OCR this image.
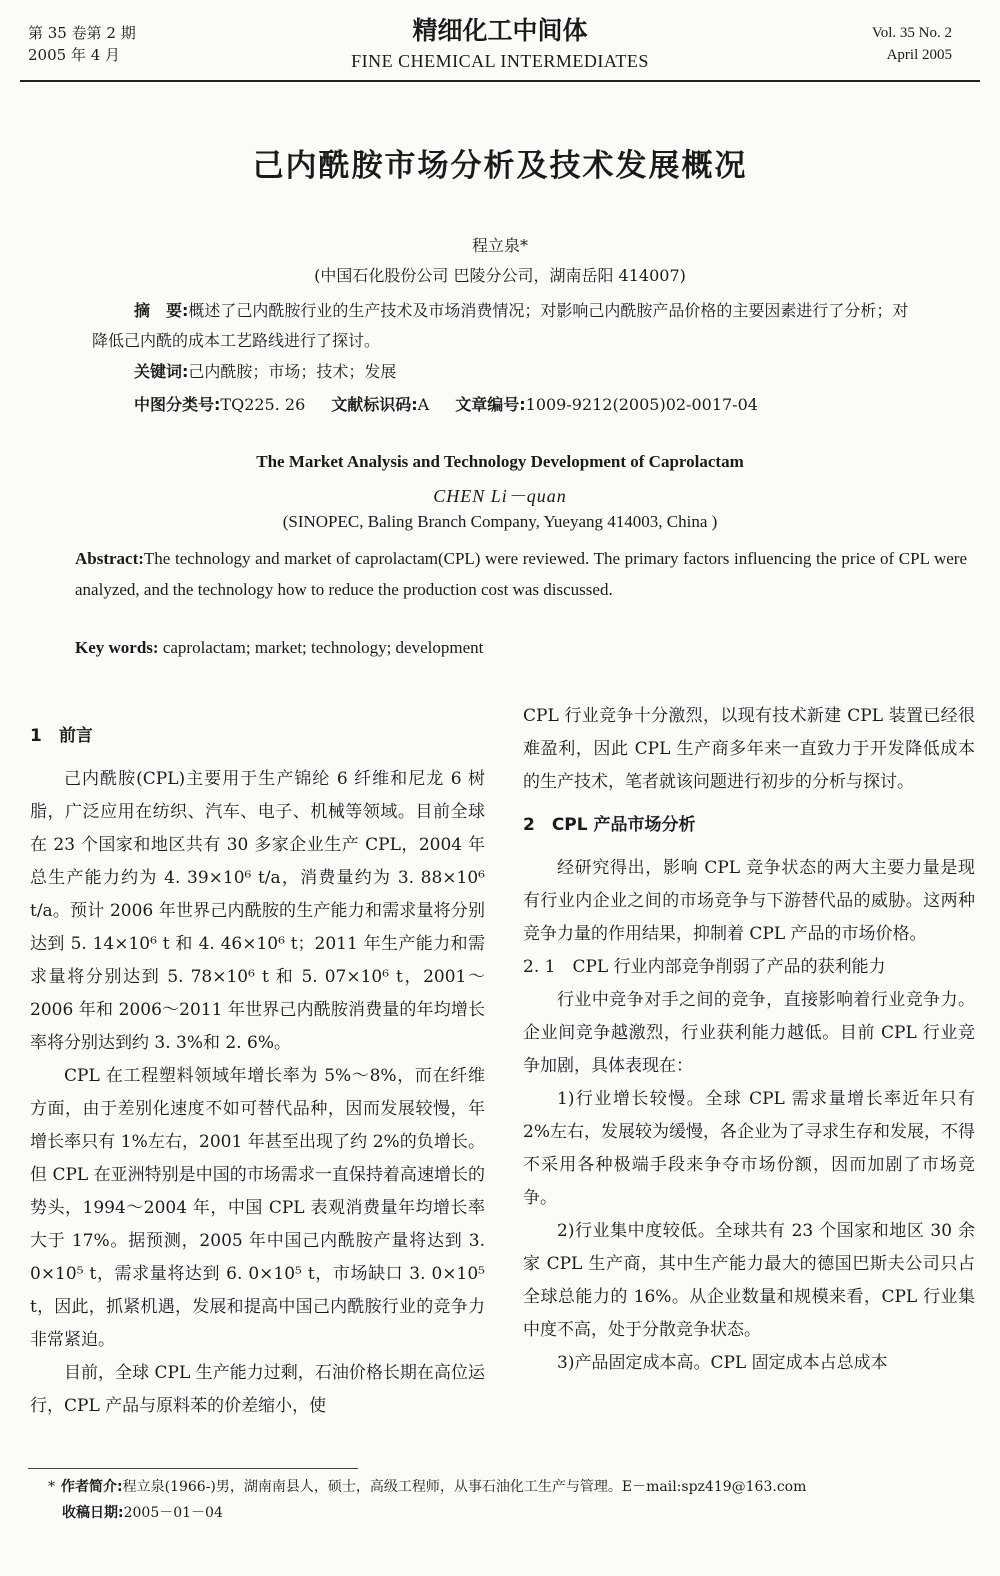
第 35 卷第 2 期
2005 年 4 月
精细化工中间体
FINE CHEMICAL INTERMEDIATES
Vol. 35 No. 2
April 2005
己内酰胺市场分析及技术发展概况
程立泉*
(中国石化股份公司 巴陵分公司，湖南岳阳 414007)
摘　要:概述了己内酰胺行业的生产技术及市场消费情况；对影响己内酰胺产品价格的主要因素进行了分析；对降低己内酰的成本工艺路线进行了探讨。
关键词:己内酰胺；市场；技术；发展
中图分类号:TQ225. 26 文献标识码:A 文章编号:1009-9212(2005)02-0017-04
The Market Analysis and Technology Development of Caprolactam
CHEN Li－quan
(SINOPEC, Baling Branch Company, Yueyang 414003, China )
Abstract:The technology and market of caprolactam(CPL) were reviewed. The primary factors influencing the price of CPL were analyzed, and the technology how to reduce the production cost was discussed.
Key words: caprolactam; market; technology; development

1　前言

己内酰胺(CPL)主要用于生产锦纶 6 纤维和尼龙 6 树脂，广泛应用在纺织、汽车、电子、机械等领域。目前全球在 23 个国家和地区共有 30 多家企业生产 CPL，2004 年总生产能力约为 4. 39×10⁶ t/a，消费量约为 3. 88×10⁶ t/a。预计 2006 年世界己内酰胺的生产能力和需求量将分别达到 5. 14×10⁶ t 和 4. 46×10⁶ t；2011 年生产能力和需求量将分别达到 5. 78×10⁶ t 和 5. 07×10⁶ t，2001～2006 年和 2006～2011 年世界己内酰胺消费量的年均增长率将分别达到约 3. 3%和 2. 6%。

CPL 在工程塑料领域年增长率为 5%～8%，而在纤维方面，由于差别化速度不如可替代品种，因而发展较慢，年增长率只有 1%左右，2001 年甚至出现了约 2%的负增长。但 CPL 在亚洲特别是中国的市场需求一直保持着高速增长的势头，1994～2004 年，中国 CPL 表观消费量年均增长率大于 17%。据预测，2005 年中国己内酰胺产量将达到 3. 0×10⁵ t，需求量将达到 6. 0×10⁵ t，市场缺口 3. 0×10⁵ t，因此，抓紧机遇，发展和提高中国己内酰胺行业的竞争力非常紧迫。

目前，全球 CPL 生产能力过剩，石油价格长期在高位运行，CPL 产品与原料苯的价差缩小，使

CPL 行业竞争十分激烈，以现有技术新建 CPL 装置已经很难盈利，因此 CPL 生产商多年来一直致力于开发降低成本的生产技术，笔者就该问题进行初步的分析与探讨。

2　CPL 产品市场分析

经研究得出，影响 CPL 竞争状态的两大主要力量是现有行业内企业之间的市场竞争与下游替代品的威胁。这两种竞争力量的作用结果，抑制着 CPL 产品的市场价格。

2. 1　CPL 行业内部竞争削弱了产品的获利能力

行业中竞争对手之间的竞争，直接影响着行业竞争力。企业间竞争越激烈，行业获利能力越低。目前 CPL 行业竞争加剧，具体表现在：

1)行业增长较慢。全球 CPL 需求量增长率近年只有 2%左右，发展较为缓慢，各企业为了寻求生存和发展，不得不采用各种极端手段来争夺市场份额，因而加剧了市场竞争。

2)行业集中度较低。全球共有 23 个国家和地区 30 余家 CPL 生产商，其中生产能力最大的德国巴斯夫公司只占全球总能力的 16%。从企业数量和规模来看，CPL 行业集中度不高，处于分散竞争状态。

3)产品固定成本高。CPL 固定成本占总成本

* 作者简介:程立泉(1966-)男，湖南南县人，硕士，高级工程师，从事石油化工生产与管理。E－mail:spz419@163.com
收稿日期:2005－01－04
